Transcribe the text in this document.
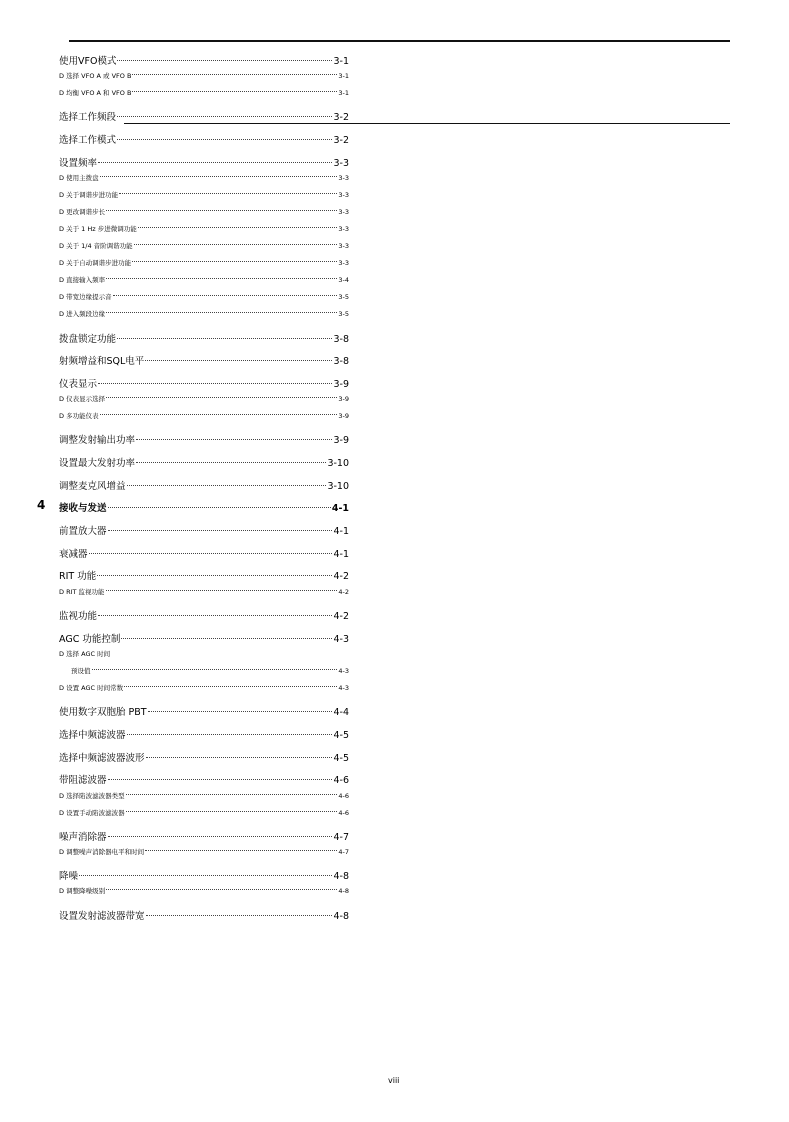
4
使用VFO模式	3-1
D 选择 VFO A 或 VFO B	3-1
D 均衡 VFO A 和 VFO B	3-1
选择工作频段	3-2
选择工作模式	3-2
设置频率	3-3
D 使用主拨盘	3-3
D 关于调谐步进功能	3-3
D 更改调谐步长	3-3
D 关于 1 Hz 步进微调功能	3-3
D 关于 1/4 音阶调谐功能	3-3
D 关于自动调谐步进功能	3-3
D 直接输入频率	3-4
D 带宽边缘提示音	3-5
D 进入频段边缘	3-5
拨盘锁定功能	3-8
射频增益和SQL电平	3-8
仪表显示	3-9
D 仪表显示选择	3-9
D 多功能仪表	3-9
调整发射输出功率	3-9
设置最大发射功率	3-10
调整麦克风增益	3-10
接收与发送	4-1
前置放大器	4-1
衰减器	4-1
RIT 功能	4-2
D RIT 监视功能	4-2
监视功能	4-2
AGC 功能控制	4-3
D 选择 AGC 时间
预设值	4-3
D 设置 AGC 时间常数	4-3
使用数字双胞胎 PBT	4-4
选择中频滤波器	4-5
选择中频滤波器波形	4-5
带阻滤波器	4-6
D 选择陷波滤波器类型	4-6
D 设置手动陷波滤波器	4-6
噪声消除器	4-7
D 调整噪声消除器电平和时间	4-7
降噪	4-8
D 调整降噪级别	4-8
设置发射滤波器带宽	4-8
viii
